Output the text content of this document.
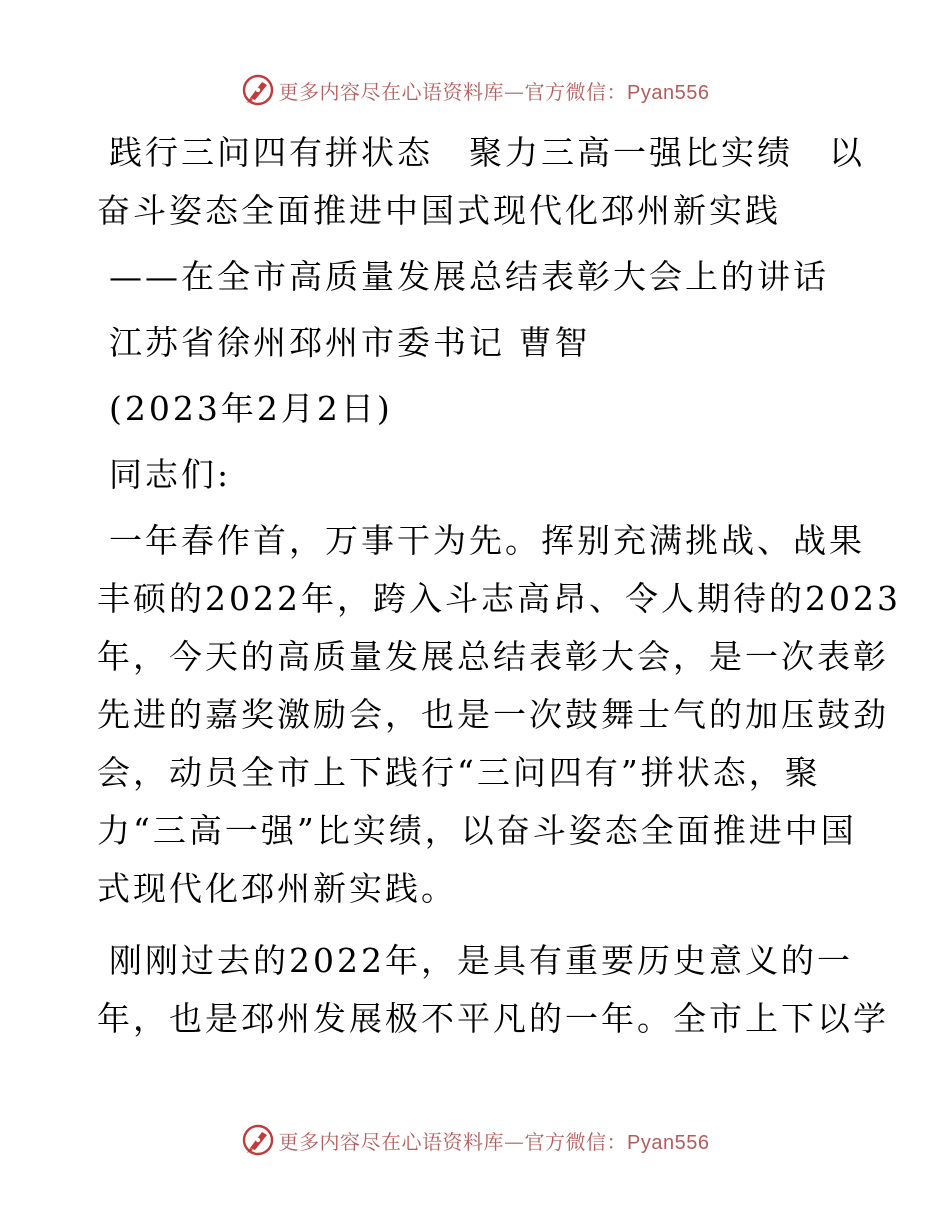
更多内容尽在心语资料库—官方微信：Pyan556
践行三问四有拼状态　聚力三高一强比实绩　以
奋斗姿态全面推进中国式现代化邳州新实践
——在全市高质量发展总结表彰大会上的讲话
江苏省徐州邳州市委书记 曹智
(2023年2月2日)
同志们:
一年春作首，万事干为先。挥别充满挑战、战果
丰硕的2022年，跨入斗志高昂、令人期待的2023
年，今天的高质量发展总结表彰大会，是一次表彰
先进的嘉奖激励会，也是一次鼓舞士气的加压鼓劲
会，动员全市上下践行“三问四有”拼状态，聚
力“三高一强”比实绩，以奋斗姿态全面推进中国
式现代化邳州新实践。
刚刚过去的2022年，是具有重要历史意义的一
年，也是邳州发展极不平凡的一年。全市上下以学
更多内容尽在心语资料库—官方微信：Pyan556
